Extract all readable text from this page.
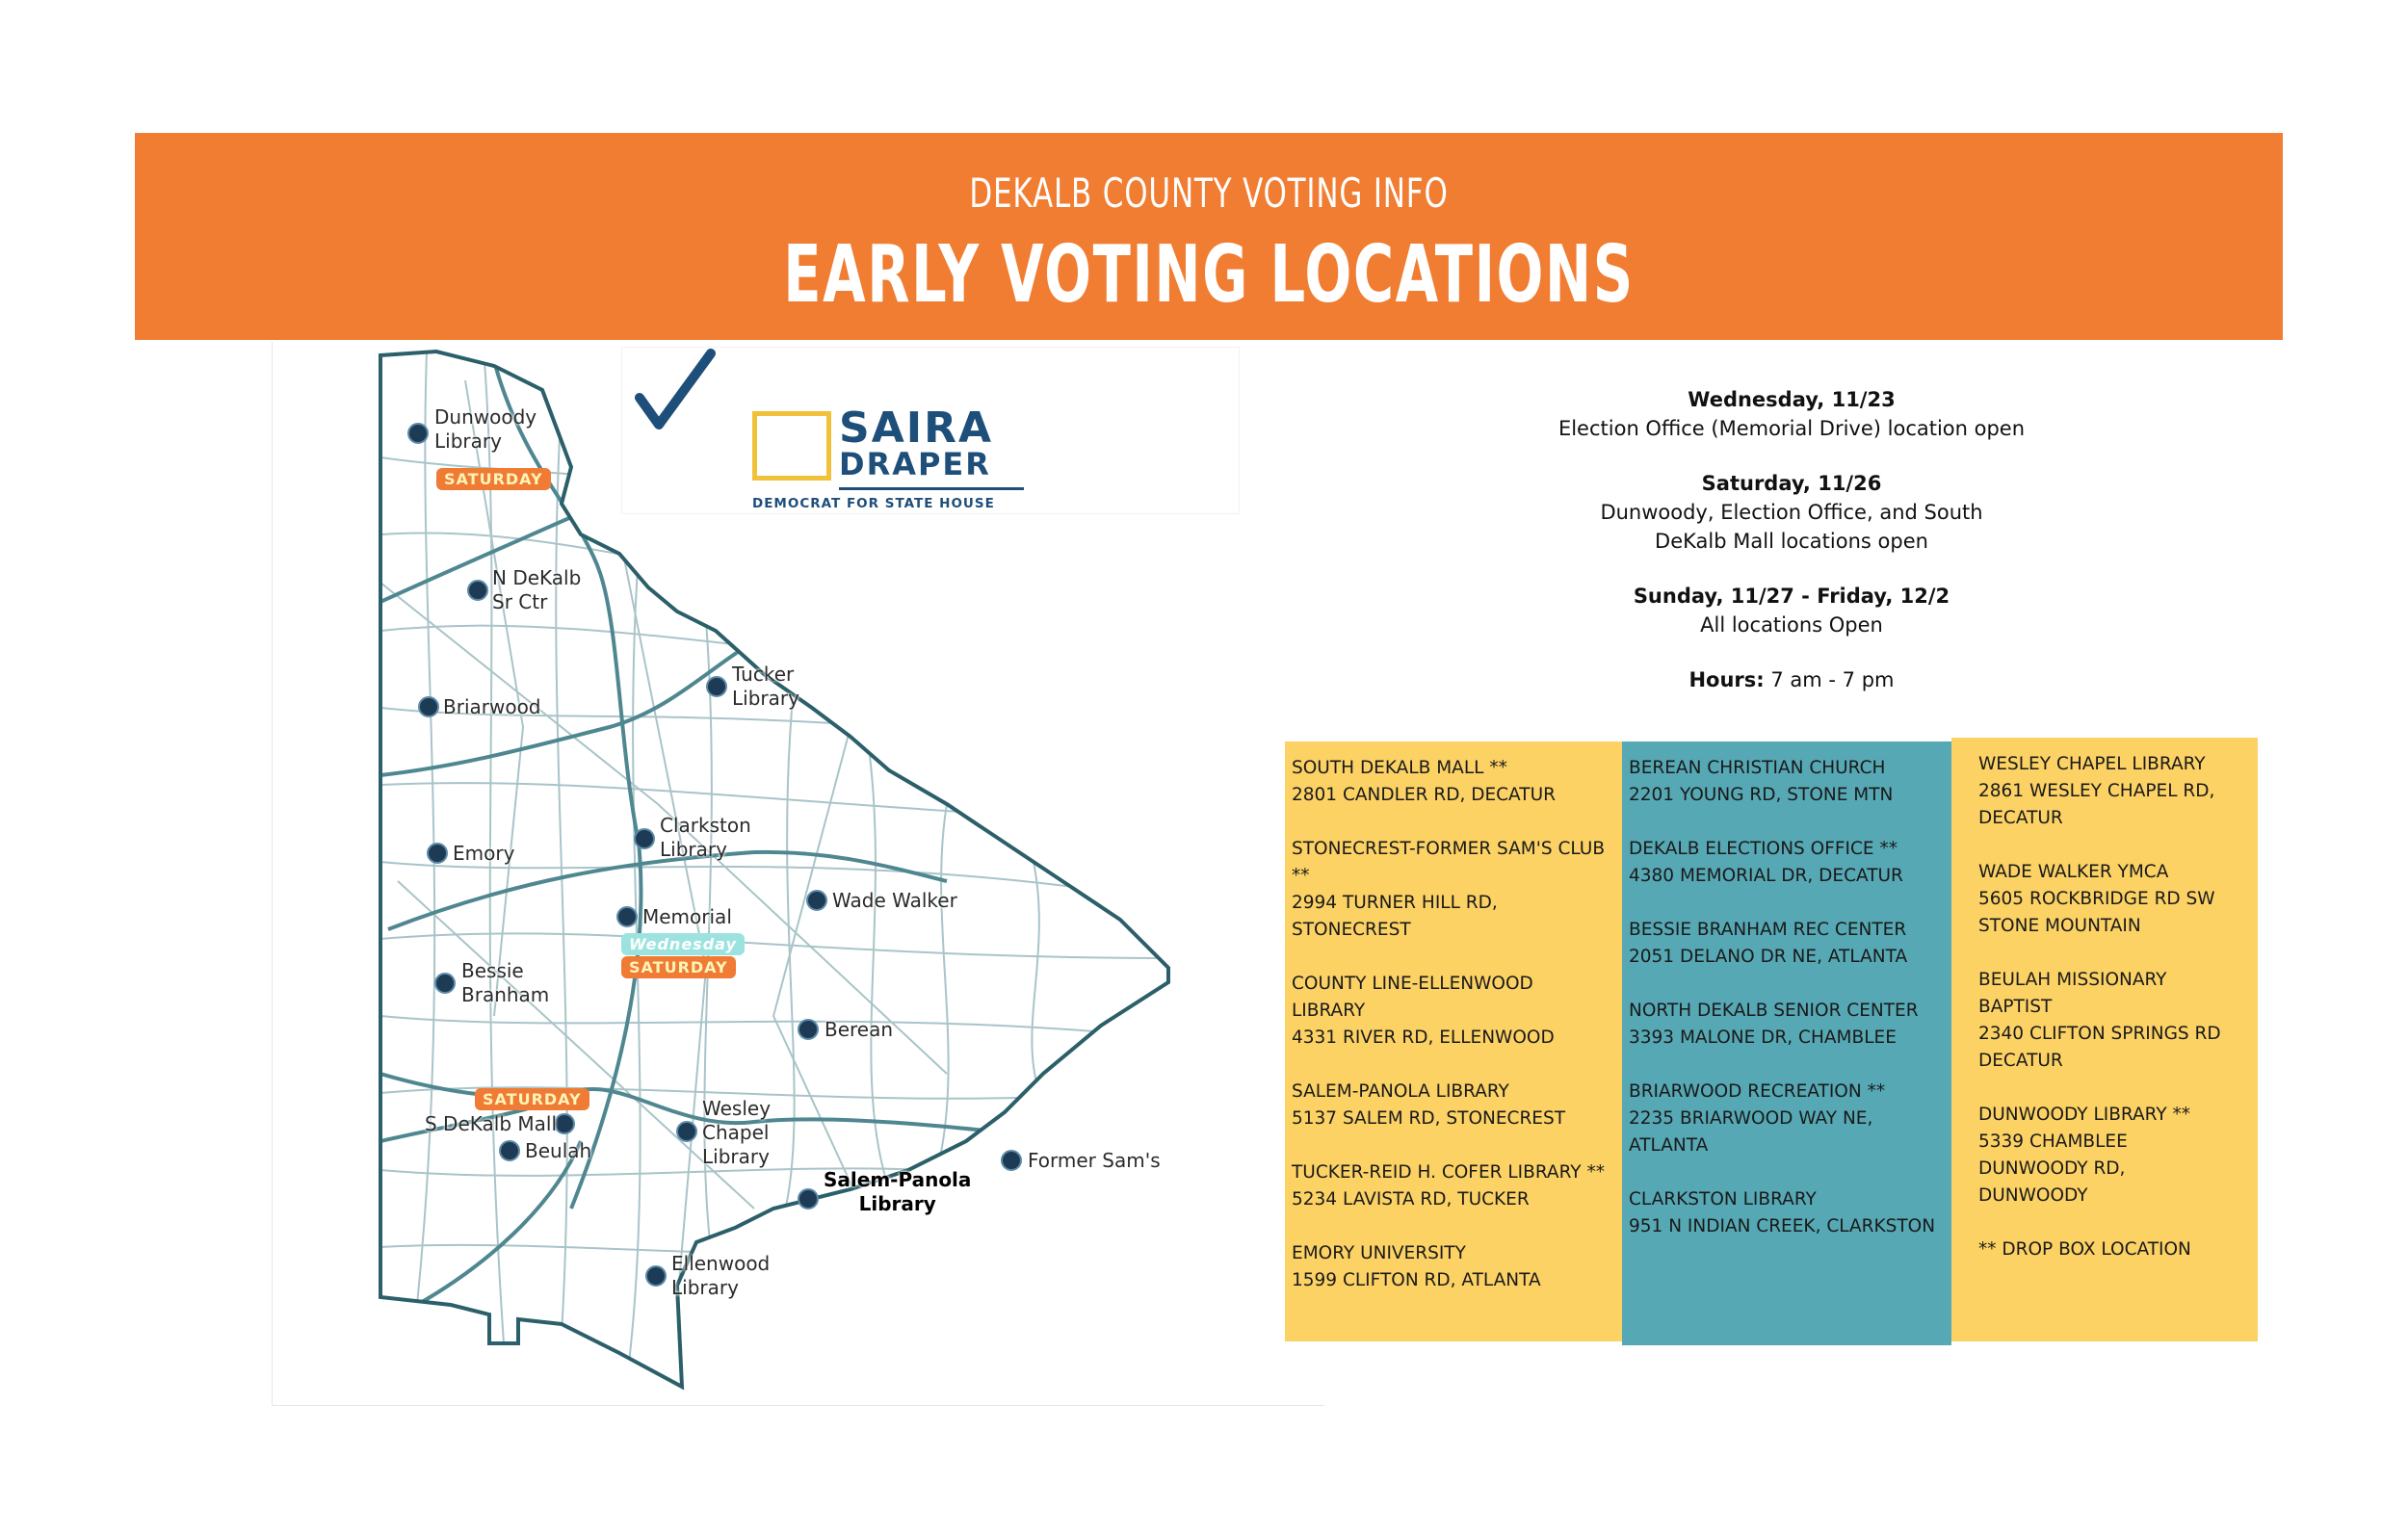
DEKALB COUNTY VOTING INFO
EARLY VOTING LOCATIONS
SAIRA
DRAPER
DEMOCRAT FOR STATE HOUSE
Dunwoody
Library
N DeKalb
Sr Ctr
Tucker
Library
Briarwood
Clarkston
Library
Emory
Memorial
Wade Walker
Bessie
Branham
Berean
S DeKalb Mall
Beulah
Wesley
Chapel
Library	Former Sam's
Salem-Panola
Library
Ellenwood
Library
SATURDAY
Wednesday
SATURDAY
SATURDAY
Wednesday, 11/23
Election Office (Memorial Drive) location open
Saturday, 11/26
Dunwoody, Election Office, and South DeKalb Mall locations open
Sunday, 11/27 - Friday, 12/2
All locations Open
Hours: 7 am - 7 pm
SOUTH DEKALB MALL **
2801 CANDLER RD, DECATUR
STONECREST-FORMER SAM'S CLUB **
2994 TURNER HILL RD, STONECREST
COUNTY LINE-ELLENWOOD LIBRARY
4331 RIVER RD, ELLENWOOD
SALEM-PANOLA LIBRARY
5137 SALEM RD, STONECREST
TUCKER-REID H. COFER LIBRARY **
5234 LAVISTA RD, TUCKER
EMORY UNIVERSITY
1599 CLIFTON RD, ATLANTA
BEREAN CHRISTIAN CHURCH
2201 YOUNG RD, STONE MTN
DEKALB ELECTIONS OFFICE **
4380 MEMORIAL DR, DECATUR
BESSIE BRANHAM REC CENTER
2051 DELANO DR NE, ATLANTA
NORTH DEKALB SENIOR CENTER
3393 MALONE DR, CHAMBLEE
BRIARWOOD RECREATION **
2235 BRIARWOOD WAY NE, ATLANTA
CLARKSTON LIBRARY
951 N INDIAN CREEK, CLARKSTON
WESLEY CHAPEL LIBRARY
2861 WESLEY CHAPEL RD, DECATUR
WADE WALKER YMCA
5605 ROCKBRIDGE RD SW STONE MOUNTAIN
BEULAH MISSIONARY BAPTIST
2340 CLIFTON SPRINGS RD DECATUR
DUNWOODY LIBRARY **
5339 CHAMBLEE DUNWOODY RD, DUNWOODY
** DROP BOX LOCATION
